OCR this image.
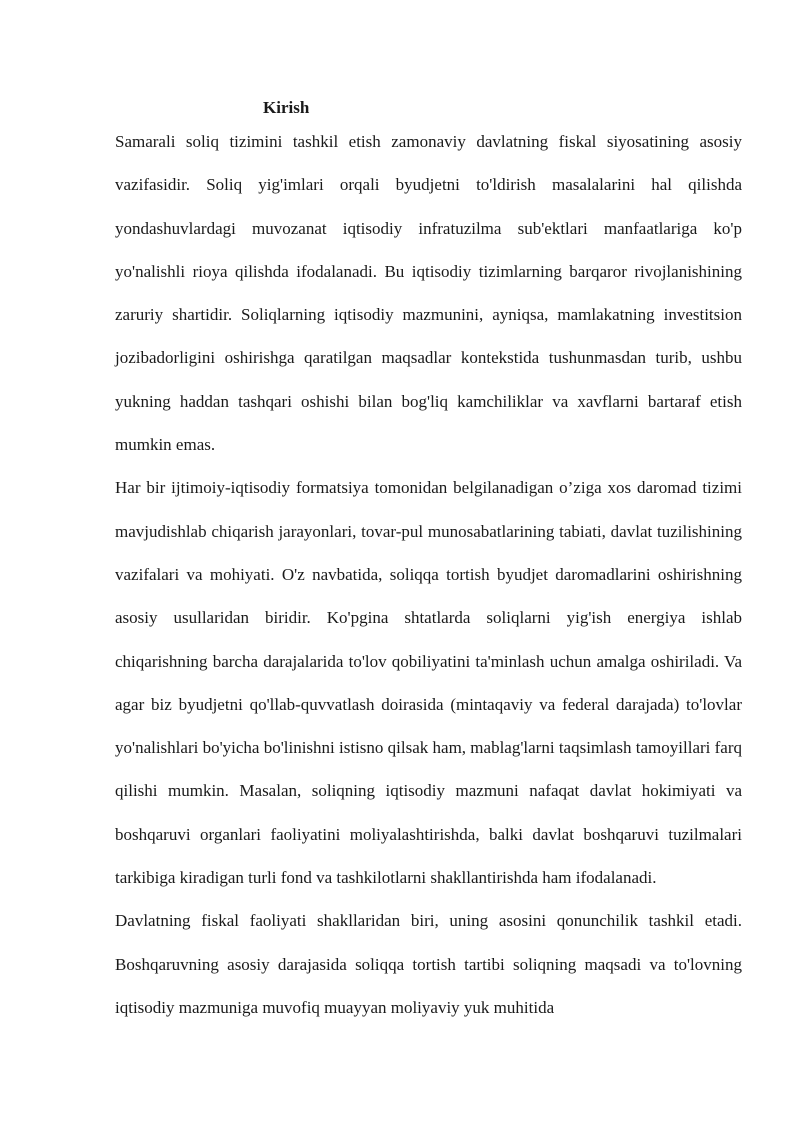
Kirish

Samarali soliq tizimini tashkil etish zamonaviy davlatning fiskal siyosatining asosiy vazifasidir. Soliq yig'imlari orqali byudjetni to'ldirish masalalarini hal qilishda yondashuvlardagi muvozanat iqtisodiy infratuzilma sub'ektlari manfaatlariga ko'p yo'nalishli rioya qilishda ifodalanadi. Bu iqtisodiy tizimlarning barqaror rivojlanishining zaruriy shartidir. Soliqlarning iqtisodiy mazmunini, ayniqsa, mamlakatning investitsion jozibadorligini oshirishga qaratilgan maqsadlar kontekstida tushunmasdan turib, ushbu yukning haddan tashqari oshishi bilan bog'liq kamchiliklar va xavflarni bartaraf etish mumkin emas.

Har bir ijtimoiy-iqtisodiy formatsiya tomonidan belgilanadigan o’ziga xos daromad tizimi mavjudishlab chiqarish jarayonlari, tovar-pul munosabatlarining tabiati, davlat tuzilishining vazifalari va mohiyati. O'z navbatida, soliqqa tortish byudjet daromadlarini oshirishning asosiy usullaridan biridir. Ko'pgina shtatlarda soliqlarni yig'ish energiya ishlab chiqarishning barcha darajalarida to'lov qobiliyatini ta'minlash uchun amalga oshiriladi. Va agar biz byudjetni qo'llab-quvvatlash doirasida (mintaqaviy va federal darajada) to'lovlar yo'nalishlari bo'yicha bo'linishni istisno qilsak ham, mablag'larni taqsimlash tamoyillari farq qilishi mumkin. Masalan, soliqning iqtisodiy mazmuni nafaqat davlat hokimiyati va boshqaruvi organlari faoliyatini moliyalashtirishda, balki davlat boshqaruvi tuzilmalari tarkibiga kiradigan turli fond va tashkilotlarni shakllantirishda ham ifodalanadi.

Davlatning fiskal faoliyati shakllaridan biri, uning asosini qonunchilik tashkil etadi. Boshqaruvning asosiy darajasida soliqqa tortish tartibi soliqning maqsadi va to'lovning iqtisodiy mazmuniga muvofiq muayyan moliyaviy yuk muhitida
